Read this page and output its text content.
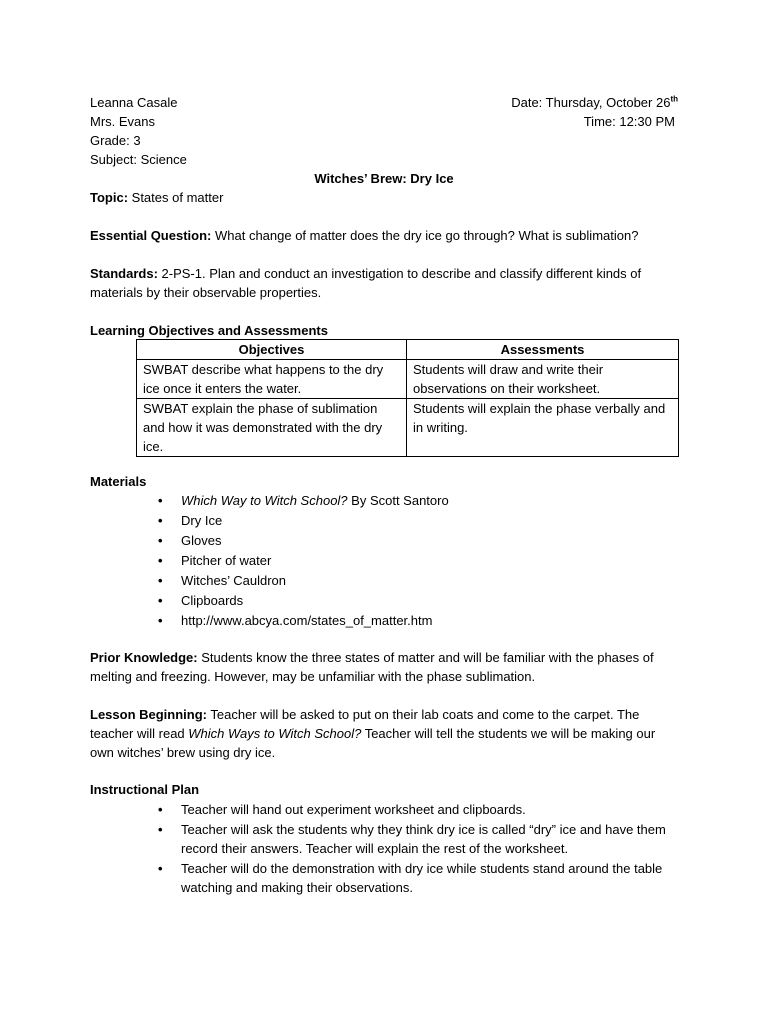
Leanna Casale
Mrs. Evans
Grade: 3
Subject: Science
Date: Thursday, October 26th
Time: 12:30 PM
Witches’ Brew: Dry Ice

Topic: States of matter

Essential Question: What change of matter does the dry ice go through? What is sublimation?

Standards: 2-PS-1. Plan and conduct an investigation to describe and classify different kinds of materials by their observable properties.

Learning Objectives and Assessments
Objectives	Assessments
SWBAT describe what happens to the dry ice once it enters the water.	Students will draw and write their observations on their worksheet.
SWBAT explain the phase of sublimation and how it was demonstrated with the dry ice.	Students will explain the phase verbally and in writing.
Materials
• Which Way to Witch School? By Scott Santoro
• Dry Ice
• Gloves
• Pitcher of water
• Witches’ Cauldron
• Clipboards
• http://www.abcya.com/states_of_matter.htm

Prior Knowledge: Students know the three states of matter and will be familiar with the phases of melting and freezing. However, may be unfamiliar with the phase sublimation.

Lesson Beginning: Teacher will be asked to put on their lab coats and come to the carpet. The teacher will read Which Ways to Witch School? Teacher will tell the students we will be making our own witches’ brew using dry ice.

Instructional Plan
• Teacher will hand out experiment worksheet and clipboards.
• Teacher will ask the students why they think dry ice is called “dry” ice and have them record their answers. Teacher will explain the rest of the worksheet.
• Teacher will do the demonstration with dry ice while students stand around the table watching and making their observations.
